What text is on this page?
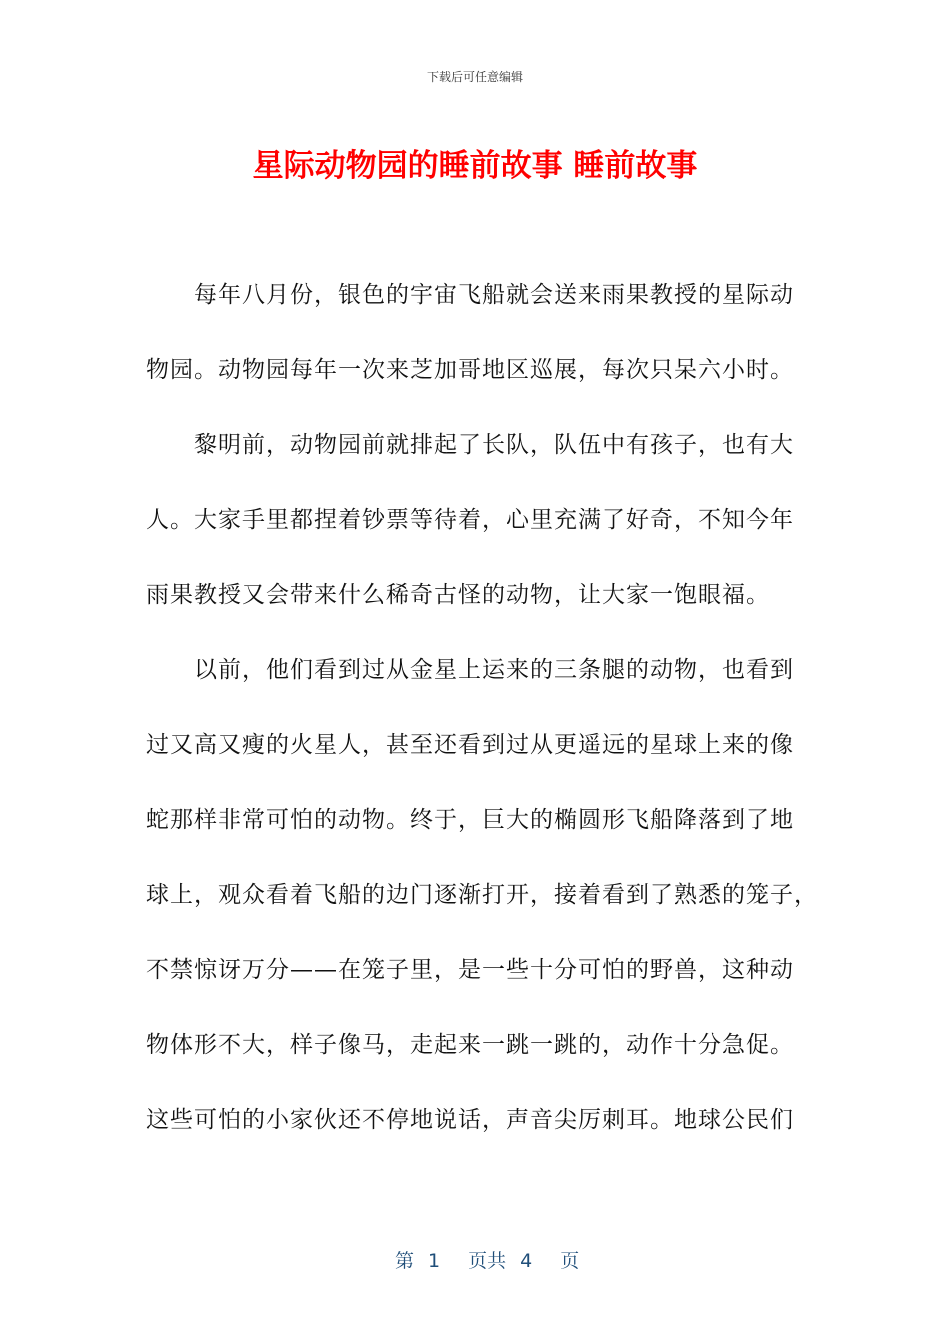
下载后可任意编辑
星际动物园的睡前故事 睡前故事
每年八月份，银色的宇宙飞船就会送来雨果教授的星际动
物园。动物园每年一次来芝加哥地区巡展，每次只呆六小时。
黎明前，动物园前就排起了长队，队伍中有孩子，也有大
人。大家手里都捏着钞票等待着，心里充满了好奇，不知今年
雨果教授又会带来什么稀奇古怪的动物，让大家一饱眼福。
以前，他们看到过从金星上运来的三条腿的动物，也看到
过又高又瘦的火星人，甚至还看到过从更遥远的星球上来的像
蛇那样非常可怕的动物。终于，巨大的椭圆形飞船降落到了地
球上，观众看着飞船的边门逐渐打开，接着看到了熟悉的笼子，
不禁惊讶万分——在笼子里，是一些十分可怕的野兽，这种动
物体形不大，样子像马，走起来一跳一跳的，动作十分急促。
这些可怕的小家伙还不停地说话，声音尖厉刺耳。地球公民们

第 1 页共 4 页
